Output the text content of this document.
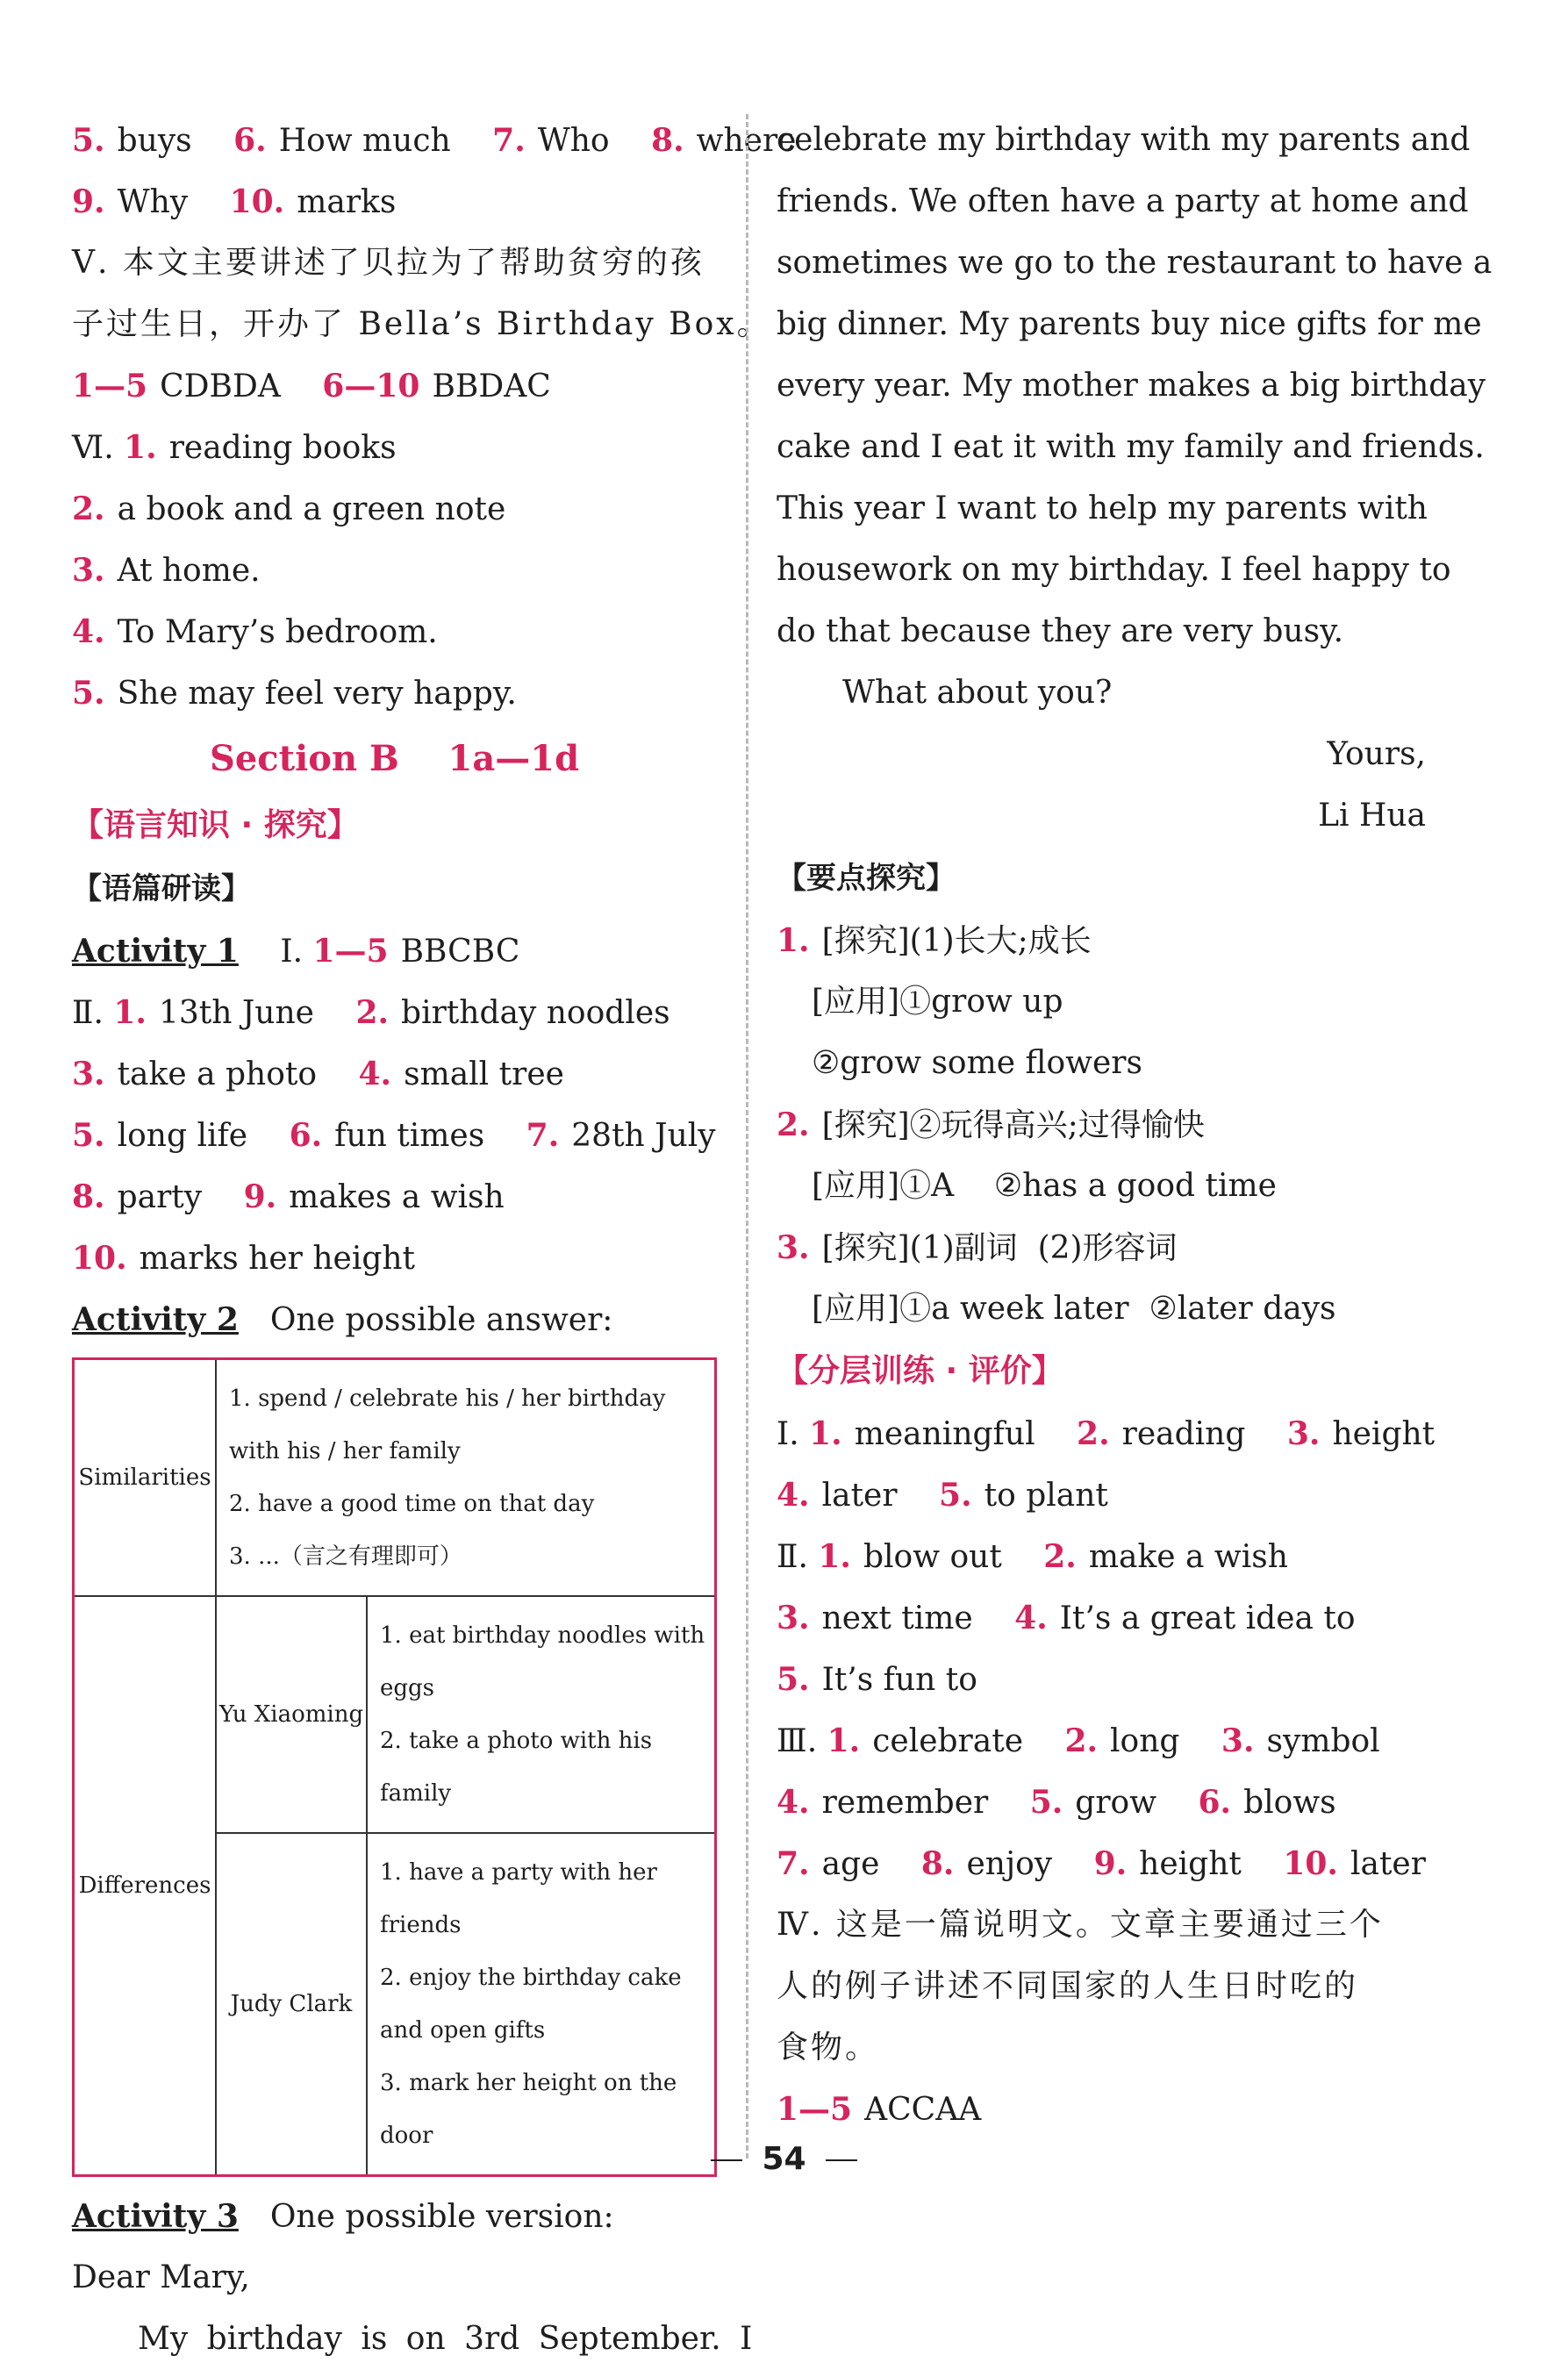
5. buys 6. How much 7. Who 8. where
9. Why 10. marks
Ⅴ. 本文主要讲述了贝拉为了帮助贫穷的孩
子过生日，开办了 Bella’s Birthday Box。
1—5 CDBDA 6—10 BBDAC
Ⅵ. 1. reading books
2. a book and a green note
3. At home.
4. To Mary’s bedroom.
5. She may feel very happy.
Section B    1a—1d
【语言知识 · 探究】
【语篇研读】
Activity 1 Ⅰ. 1—5 BBCBC
Ⅱ. 1. 13th June 2. birthday noodles
3. take a photo 4. small tree
5. long life 6. fun times 7. 28th July
8. party 9. makes a wish
10. marks her height
Activity 2 One possible answer:
Similarities	1. spend / celebrate his / her birthday with his / her family
2. have a good time on that day
3. ...（言之有理即可）	

Differences	Yu Xiaoming	1. eat birthday noodles with eggs
2. take a photo with his family

	Judy Clark	1. have a party with her friends
2. enjoy the birthday cake and open gifts
3. mark her height on the door
Activity 3 One possible version:
Dear Mary,
My birthday is on 3rd September. I
celebrate my birthday with my parents and
friends. We often have a party at home and
sometimes we go to the restaurant to have a
big dinner. My parents buy nice gifts for me
every year. My mother makes a big birthday
cake and I eat it with my family and friends.
This year I want to help my parents with
housework on my birthday. I feel happy to
do that because they are very busy.
What about you?
Yours,
Li Hua
【要点探究】
1. [探究](1)长大;成长
[应用]①grow up
②grow some flowers
2. [探究]②玩得高兴;过得愉快
[应用]①A    ②has a good time
3. [探究](1)副词  (2)形容词
[应用]①a week later  ②later days
【分层训练 · 评价】
Ⅰ. 1. meaningful 2. reading 3. height
4. later 5. to plant
Ⅱ. 1. blow out 2. make a wish
3. next time 4. It’s a great idea to
5. It’s fun to
Ⅲ. 1. celebrate 2. long 3. symbol
4. remember 5. grow 6. blows
7. age 8. enjoy 9. height 10. later
Ⅳ. 这是一篇说明文。文章主要通过三个
人的例子讲述不同国家的人生日时吃的
食物。
1—5 ACCAA
54
